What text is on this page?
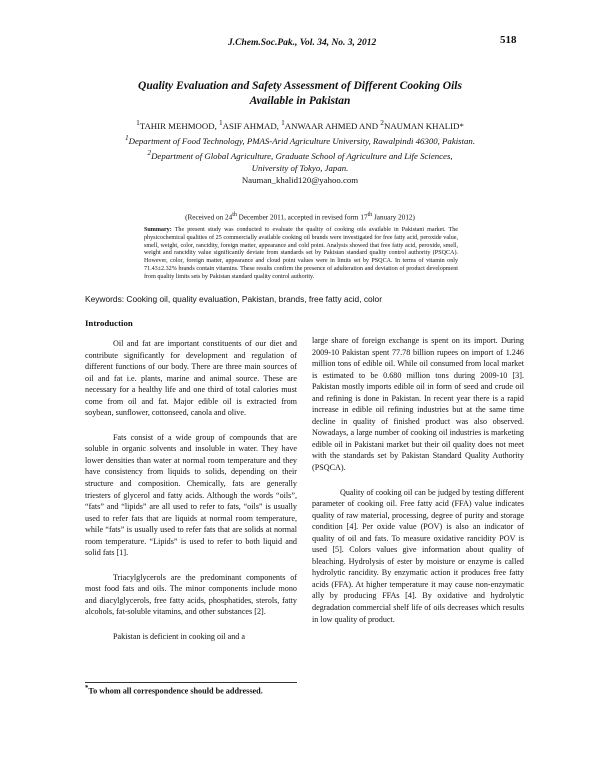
J.Chem.Soc.Pak., Vol. 34, No. 3, 2012	518
Quality Evaluation and Safety Assessment of Different Cooking Oils
Available in Pakistan
$^1$TAHIR MEHMOOD, $^1$ASIF AHMAD, $^1$ANWAAR AHMED AND $^2$NAUMAN KHALID*
$^1$Department of Food Technology, PMAS-Arid Agriculture University, Rawalpindi 46300, Pakistan.
$^2$Department of Global Agriculture, Graduate School of Agriculture and Life Sciences,
University of Tokyo, Japan.
Nauman_khalid120@yahoo.com
(Received on 24th December 2011, accepted in revised form 17th January 2012)
Summary: The present study was conducted to evaluate the quality of cooking oils available in Pakistani market. The physicochemical qualities of 25 commercially available cooking oil brands were investigated for free fatty acid, peroxide value, smell, weight, color, rancidity, foreign matter, appearance and cold point. Analysis showed that free fatty acid, peroxide, smell, weight and rancidity value significantly deviate from standards set by Pakistan standard quality control authority (PSQCA). However, color, foreign matter, appearance and cloud point values were in limits set by PSQCA. In terms of vitamin only 71.43±2.32% brands contain vitamins. These results confirm the presence of adulteration and deviation of product development from quality limits sets by Pakistan standard quality control authority.
Keywords: Cooking oil, quality evaluation, Pakistan, brands, free fatty acid, color
Introduction

Oil and fat are important constituents of our diet and contribute significantly for development and regulation of different functions of our body. There are three main sources of oil and fat i.e. plants, marine and animal source. These are necessary for a healthy life and one third of total calories must come from oil and fat. Major edible oil is extracted from soybean, sunflower, cottonseed, canola and olive.

Fats consist of a wide group of compounds that are soluble in organic solvents and insoluble in water. They have lower densities than water at normal room temperature and they have consistency from liquids to solids, depending on their structure and composition. Chemically, fats are generally triesters of glycerol and fatty acids. Although the words “oils”, “fats” and “lipids” are all used to refer to fats, “oils” is usually used to refer fats that are liquids at normal room temperature, while “fats” is usually used to refer fats that are solids at normal room temperature. “Lipids” is used to refer to both liquid and solid fats [1].

Triacylglycerols are the predominant components of most food fats and oils. The minor components include mono and diacylglycerols, free fatty acids, phosphatides, sterols, fatty alcohols, fat-soluble vitamins, and other substances [2].

Pakistan is deficient in cooking oil and a

large share of foreign exchange is spent on its import. During 2009-10 Pakistan spent 77.78 billion rupees on import of 1.246 million tons of edible oil. While oil consumed from local market is estimated to be 0.680 million tons during 2009-10 [3]. Pakistan mostly imports edible oil in form of seed and crude oil and refining is done in Pakistan. In recent year there is a rapid increase in edible oil refining industries but at the same time decline in quality of finished product was also observed. Nowadays, a large number of cooking oil industries is marketing edible oil in Pakistani market but their oil quality does not meet with the standards set by Pakistan Standard Quality Authority (PSQCA).

Quality of cooking oil can be judged by testing different parameter of cooking oil. Free fatty acid (FFA) value indicates quality of raw material, processing, degree of purity and storage condition [4]. Per oxide value (POV) is also an indicator of quality of oil and fats. To measure oxidative rancidity POV is used [5]. Colors values give information about quality of bleaching. Hydrolysis of ester by moisture or enzyme is called hydrolytic rancidity. By enzymatic action it produces free fatty acids (FFA). At higher temperature it may cause non-enzymatic ally by producing FFAs [4]. By oxidative and hydrolytic degradation commercial shelf life of oils decreases which results in low quality of product.

*To whom all correspondence should be addressed.
